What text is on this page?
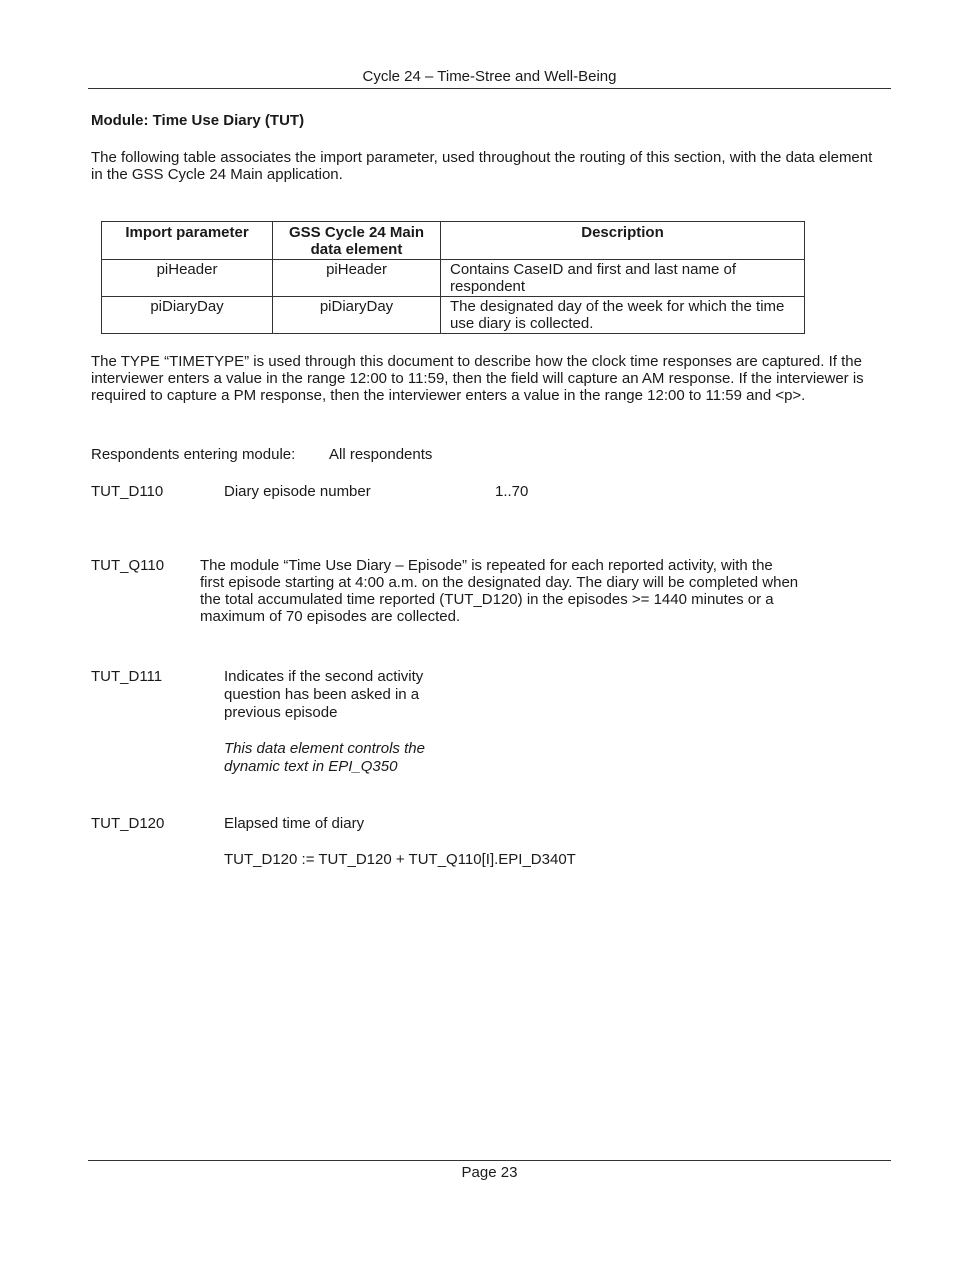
Cycle 24 – Time-Stree and Well-Being
Module: Time Use Diary (TUT)
The following table associates the import parameter, used throughout the routing of this section, with the data element in the GSS Cycle 24 Main application.
Import parameter	GSS Cycle 24 Main data element	Description
piHeader	piHeader	Contains CaseID and first and last name of respondent
piDiaryDay	piDiaryDay	The designated day of the week for which the time use diary is collected.
The TYPE “TIMETYPE” is used through this document to describe how the clock time responses are captured. If the interviewer enters a value in the range 12:00 to 11:59, then the field will capture an AM response. If the interviewer is required to capture a PM response, then the interviewer enters a value in the range 12:00 to 11:59 and <p>.
Respondents entering module: All respondents
TUT_D110	Diary episode number	1..70
TUT_Q110 The module “Time Use Diary – Episode” is repeated for each reported activity, with the first episode starting at 4:00 a.m. on the designated day. The diary will be completed when the total accumulated time reported (TUT_D120) in the episodes >= 1440 minutes or a maximum of 70 episodes are collected.
TUT_D111	Indicates if the second activity question has been asked in a previous episode
This data element controls the dynamic text in EPI_Q350
TUT_D120	Elapsed time of diary
TUT_D120 := TUT_D120 + TUT_Q110[I].EPI_D340T
Page 23
